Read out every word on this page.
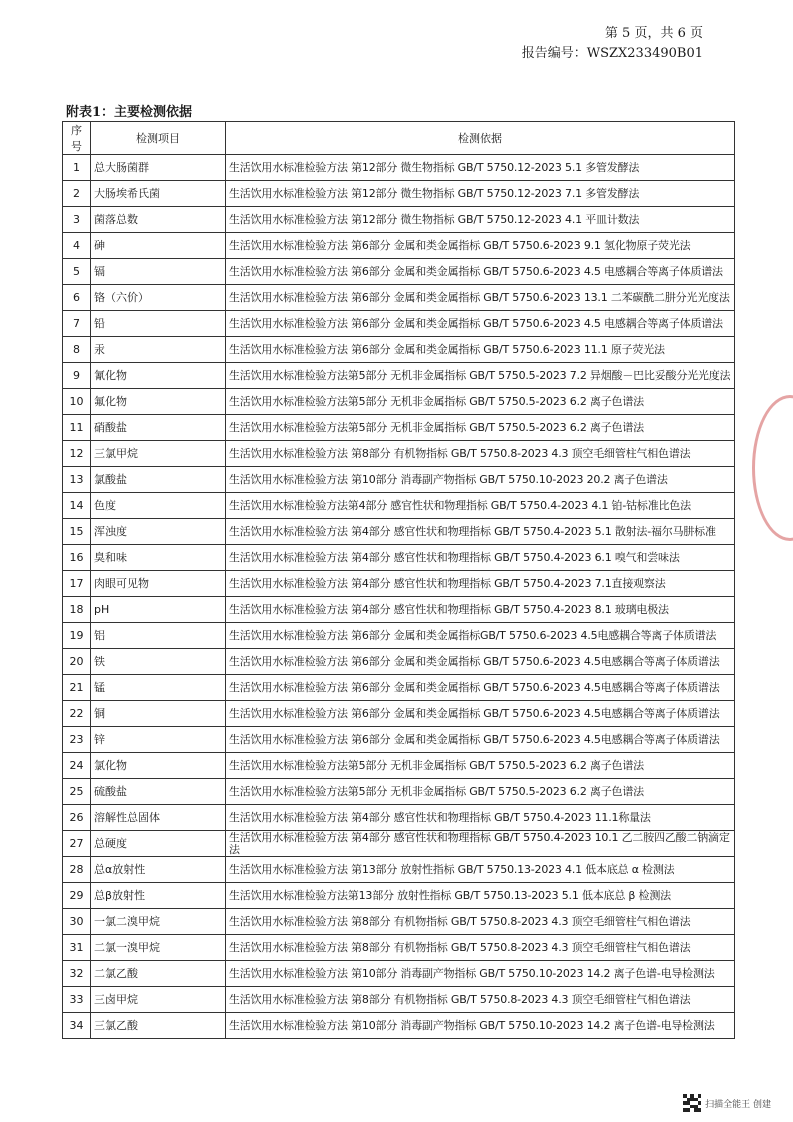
第 5 页，共 6 页
报告编号：WSZX233490B01
附表1：主要检测依据
序号	检测项目	检测依据
1	总大肠菌群	生活饮用水标准检验方法 第12部分 微生物指标 GB/T 5750.12-2023 5.1 多管发酵法
2	大肠埃希氏菌	生活饮用水标准检验方法 第12部分 微生物指标 GB/T 5750.12-2023 7.1 多管发酵法
3	菌落总数	生活饮用水标准检验方法 第12部分 微生物指标 GB/T 5750.12-2023 4.1 平皿计数法
4	砷	生活饮用水标准检验方法 第6部分 金属和类金属指标 GB/T 5750.6-2023 9.1 氢化物原子荧光法
5	镉	生活饮用水标准检验方法 第6部分 金属和类金属指标 GB/T 5750.6-2023 4.5 电感耦合等离子体质谱法
6	铬（六价）	生活饮用水标准检验方法 第6部分 金属和类金属指标 GB/T 5750.6-2023 13.1 二苯碳酰二肼分光光度法
7	铅	生活饮用水标准检验方法 第6部分 金属和类金属指标 GB/T 5750.6-2023 4.5 电感耦合等离子体质谱法
8	汞	生活饮用水标准检验方法 第6部分 金属和类金属指标 GB/T 5750.6-2023 11.1 原子荧光法
9	氰化物	生活饮用水标准检验方法第5部分 无机非金属指标 GB/T 5750.5-2023 7.2 异烟酸－巴比妥酸分光光度法
10	氟化物	生活饮用水标准检验方法第5部分 无机非金属指标 GB/T 5750.5-2023 6.2 离子色谱法
11	硝酸盐	生活饮用水标准检验方法第5部分 无机非金属指标 GB/T 5750.5-2023 6.2 离子色谱法
12	三氯甲烷	生活饮用水标准检验方法 第8部分 有机物指标 GB/T 5750.8-2023 4.3 顶空毛细管柱气相色谱法
13	氯酸盐	生活饮用水标准检验方法 第10部分 消毒副产物指标 GB/T 5750.10-2023 20.2 离子色谱法
14	色度	生活饮用水标准检验方法第4部分 感官性状和物理指标 GB/T 5750.4-2023 4.1 铂-钴标准比色法
15	浑浊度	生活饮用水标准检验方法 第4部分 感官性状和物理指标 GB/T 5750.4-2023 5.1 散射法-福尔马肼标准
16	臭和味	生活饮用水标准检验方法 第4部分 感官性状和物理指标 GB/T 5750.4-2023 6.1 嗅气和尝味法
17	肉眼可见物	生活饮用水标准检验方法 第4部分 感官性状和物理指标 GB/T 5750.4-2023 7.1直接观察法
18	pH	生活饮用水标准检验方法 第4部分 感官性状和物理指标 GB/T 5750.4-2023 8.1 玻璃电极法
19	铝	生活饮用水标准检验方法 第6部分 金属和类金属指标GB/T 5750.6-2023 4.5电感耦合等离子体质谱法
20	铁	生活饮用水标准检验方法 第6部分 金属和类金属指标 GB/T 5750.6-2023 4.5电感耦合等离子体质谱法
21	锰	生活饮用水标准检验方法 第6部分 金属和类金属指标 GB/T 5750.6-2023 4.5电感耦合等离子体质谱法
22	铜	生活饮用水标准检验方法 第6部分 金属和类金属指标 GB/T 5750.6-2023 4.5电感耦合等离子体质谱法
23	锌	生活饮用水标准检验方法 第6部分 金属和类金属指标 GB/T 5750.6-2023 4.5电感耦合等离子体质谱法
24	氯化物	生活饮用水标准检验方法第5部分 无机非金属指标 GB/T 5750.5-2023 6.2 离子色谱法
25	硫酸盐	生活饮用水标准检验方法第5部分 无机非金属指标 GB/T 5750.5-2023 6.2 离子色谱法
26	溶解性总固体	生活饮用水标准检验方法 第4部分 感官性状和物理指标 GB/T 5750.4-2023 11.1称量法
27	总硬度	生活饮用水标准检验方法 第4部分 感官性状和物理指标 GB/T 5750.4-2023 10.1 乙二胺四乙酸二钠滴定法
28	总α放射性	生活饮用水标准检验方法 第13部分 放射性指标 GB/T 5750.13-2023 4.1 低本底总 α 检测法
29	总β放射性	生活饮用水标准检验方法第13部分 放射性指标 GB/T 5750.13-2023 5.1 低本底总 β 检测法
30	一氯二溴甲烷	生活饮用水标准检验方法 第8部分 有机物指标 GB/T 5750.8-2023 4.3 顶空毛细管柱气相色谱法
31	二氯一溴甲烷	生活饮用水标准检验方法 第8部分 有机物指标 GB/T 5750.8-2023 4.3 顶空毛细管柱气相色谱法
32	二氯乙酸	生活饮用水标准检验方法 第10部分 消毒副产物指标 GB/T 5750.10-2023 14.2 离子色谱-电导检测法
33	三卤甲烷	生活饮用水标准检验方法 第8部分 有机物指标 GB/T 5750.8-2023 4.3 顶空毛细管柱气相色谱法
34	三氯乙酸	生活饮用水标准检验方法 第10部分 消毒副产物指标 GB/T 5750.10-2023 14.2 离子色谱-电导检测法
扫描全能王 创建
